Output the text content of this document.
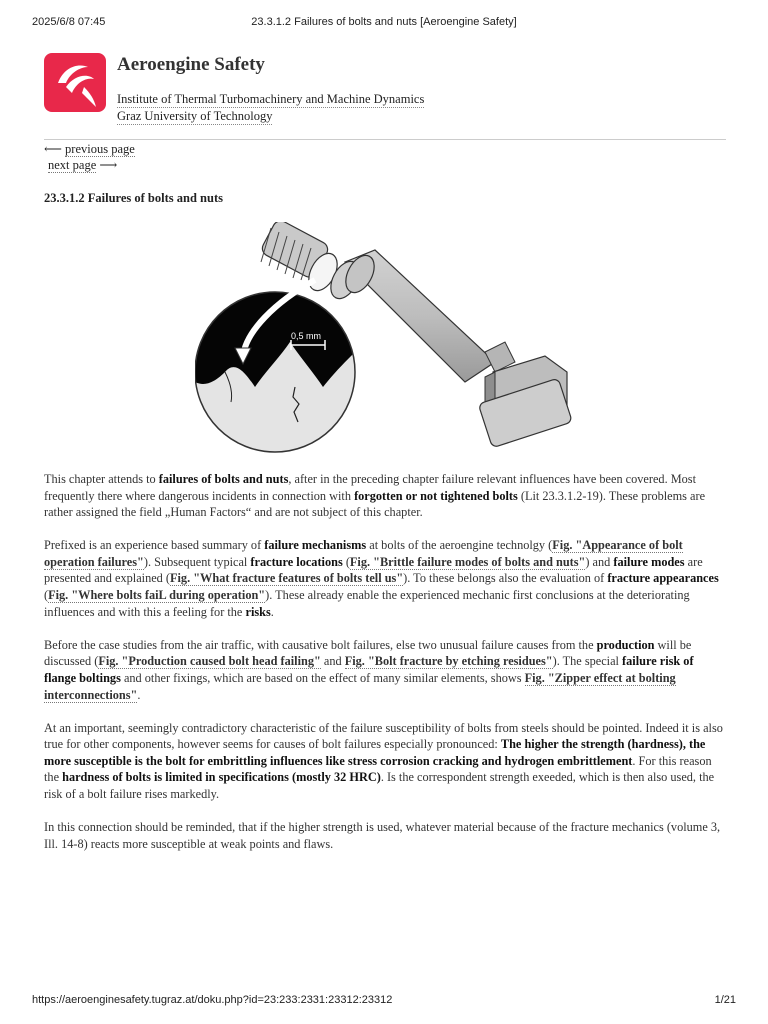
2025/6/8 07:45	23.3.1.2 Failures of bolts and nuts [Aeroengine Safety]
Aeroengine Safety
Institute of Thermal Turbomachinery and Machine Dynamics
Graz University of Technology
⟵ previous page
next page ⟶
23.3.1.2 Failures of bolts and nuts
0,5 mm

This chapter attends to failures of bolts and nuts, after in the preceding chapter failure relevant influences have been covered. Most frequently there where dangerous incidents in connection with forgotten or not tightened bolts (Lit 23.3.1.2-19). These problems are rather assigned the field „Human Factors“ and are not subject of this chapter.

Prefixed is an experience based summary of failure mechanisms at bolts of the aeroengine technolgy (Fig. "Appearance of bolt operation failures"). Subsequent typical fracture locations (Fig. "Brittle failure modes of bolts and nuts") and failure modes are presented and explained (Fig. "What fracture features of bolts tell us"). To these belongs also the evaluation of fracture appearances (Fig. "Where bolts faiL during operation"). These already enable the experienced mechanic first conclusions at the deteriorating influences and with this a feeling for the risks.

Before the case studies from the air traffic, with causative bolt failures, else two unusual failure causes from the production will be discussed (Fig. "Production caused bolt head failing" and Fig. "Bolt fracture by etching residues"). The special failure risk of flange boltings and other fixings, which are based on the effect of many similar elements, shows Fig. "Zipper effect at bolting interconnections".

At an important, seemingly contradictory characteristic of the failure susceptibility of bolts from steels should be pointed. Indeed it is also true for other components, however seems for causes of bolt failures especially pronounced: The higher the strength (hardness), the more susceptible is the bolt for embrittling influences like stress corrosion cracking and hydrogen embrittlement. For this reason the hardness of bolts is limited in specifications (mostly 32 HRC). Is the correspondent strength exeeded, which is then also used, the risk of a bolt failure rises markedly.

In this connection should be reminded, that if the higher strength is used, whatever material because of the fracture mechanics (volume 3, Ill. 14-8) reacts more susceptible at weak points and flaws.

https://aeroenginesafety.tugraz.at/doku.php?id=23:233:2331:23312:23312	1/21
